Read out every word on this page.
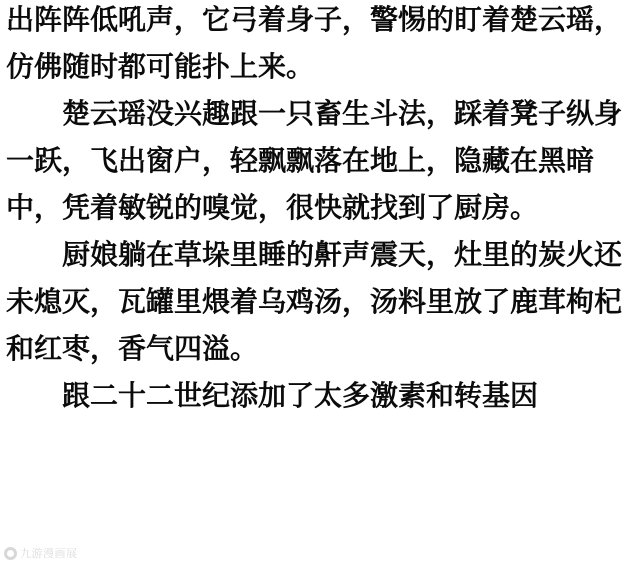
出阵阵低吼声，它弓着身子，警惕的盯着楚云瑶，仿佛随时都可能扑上来。

楚云瑶没兴趣跟一只畜生斗法，踩着凳子纵身一跃，飞出窗户，轻飘飘落在地上，隐藏在黑暗中，凭着敏锐的嗅觉，很快就找到了厨房。

厨娘躺在草垛里睡的鼾声震天，灶里的炭火还未熄灭，瓦罐里煨着乌鸡汤，汤料里放了鹿茸枸杞和红枣，香气四溢。

跟二十二世纪添加了太多激素和转基因

九游漫画展
